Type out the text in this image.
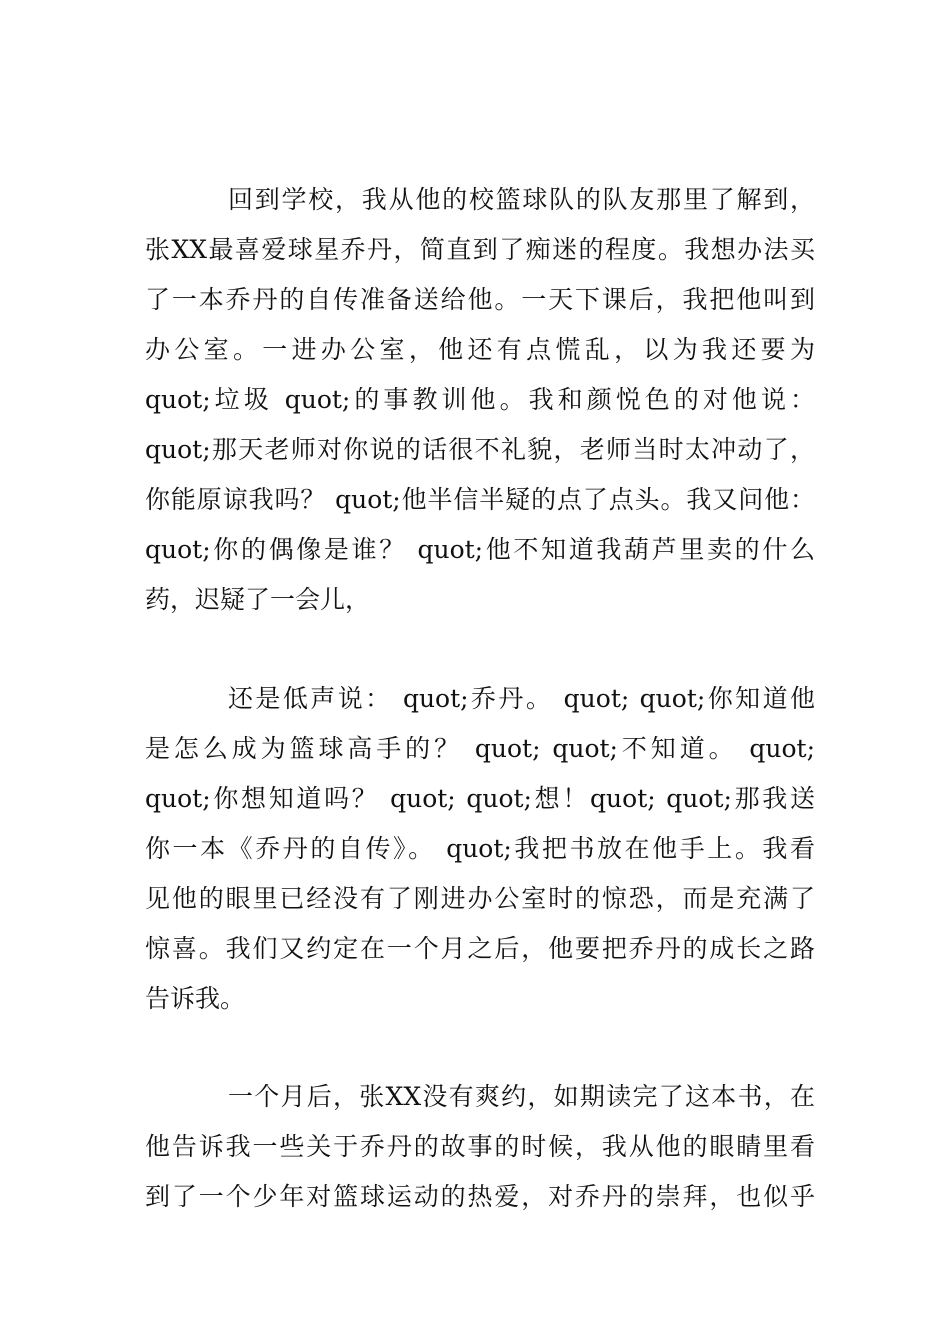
回到学校，我从他的校篮球队的队友那里了解到，
张XX最喜爱球星乔丹，简直到了痴迷的程度。我想办法买
了一本乔丹的自传准备送给他。一天下课后，我把他叫到
办公室。一进办公室，他还有点慌乱，以为我还要为
quot;垃圾 quot;的事教训他。我和颜悦色的对他说：
quot;那天老师对你说的话很不礼貌，老师当时太冲动了，
你能原谅我吗？ quot;他半信半疑的点了点头。我又问他：
quot;你的偶像是谁？ quot;他不知道我葫芦里卖的什么
药，迟疑了一会儿，
还是低声说： quot;乔丹。 quot; quot;你知道他
是怎么成为篮球高手的？ quot; quot;不知道。 quot;
quot;你想知道吗？ quot; quot;想！quot; quot;那我送
你一本《乔丹的自传》。 quot;我把书放在他手上。我看
见他的眼里已经没有了刚进办公室时的惊恐，而是充满了
惊喜。我们又约定在一个月之后，他要把乔丹的成长之路
告诉我。
一个月后，张XX没有爽约，如期读完了这本书，在
他告诉我一些关于乔丹的故事的时候，我从他的眼睛里看
到了一个少年对篮球运动的热爱，对乔丹的崇拜，也似乎
